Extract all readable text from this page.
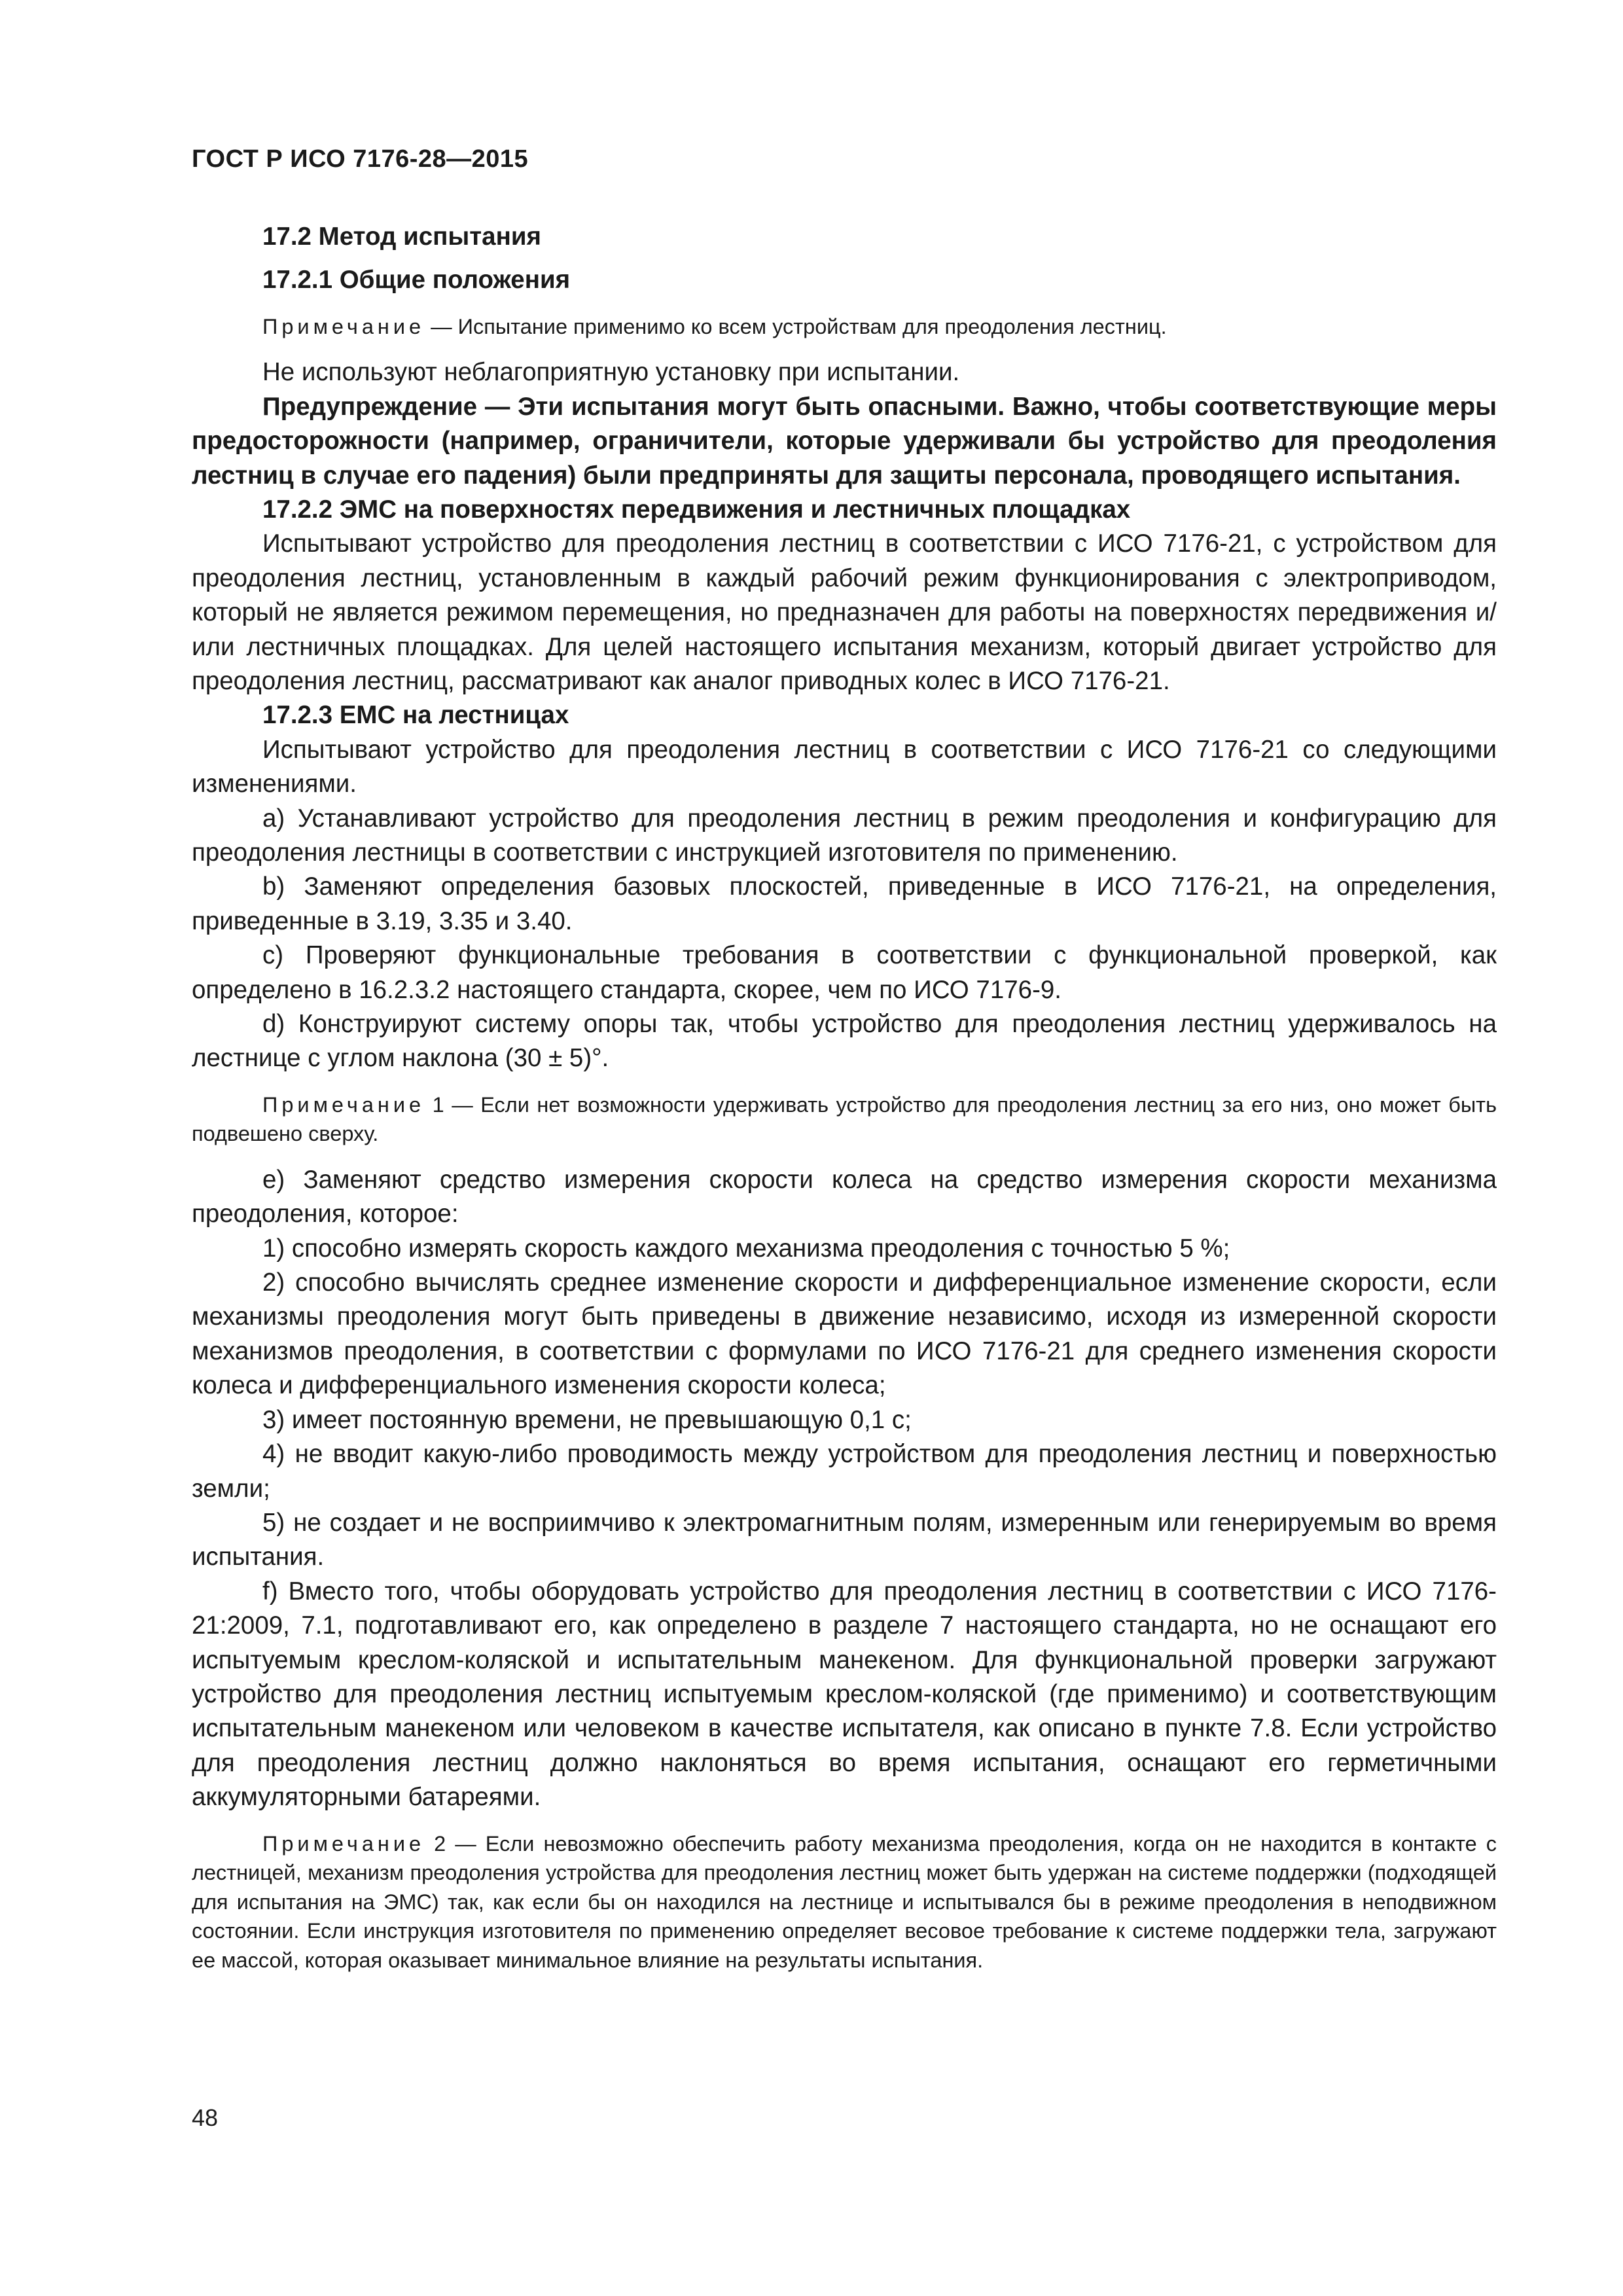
ГОСТ Р ИСО 7176-28—2015

17.2 Метод испытания

17.2.1 Общие положения

Примечание — Испытание применимо ко всем устройствам для преодоления лестниц.

Не используют неблагоприятную установку при испытании.

Предупреждение — Эти испытания могут быть опасными. Важно, чтобы соответствующие меры предосторожности (например, ограничители, которые удерживали бы устройство для преодоления лестниц в случае его падения) были предприняты для защиты персонала, проводящего испытания.

17.2.2 ЭМС на поверхностях передвижения и лестничных площадках

Испытывают устройство для преодоления лестниц в соответствии с ИСО 7176-21, с устройством для преодоления лестниц, установленным в каждый рабочий режим функционирования с электроприводом, который не является режимом перемещения, но предназначен для работы на поверхностях передвижения и/или лестничных площадках. Для целей настоящего испытания механизм, который двигает устройство для преодоления лестниц, рассматривают как аналог приводных колес в ИСО 7176-21.

17.2.3 ЕМС на лестницах

Испытывают устройство для преодоления лестниц в соответствии с ИСО 7176-21 со следующими изменениями.

а) Устанавливают устройство для преодоления лестниц в режим преодоления и конфигурацию для преодоления лестницы в соответствии с инструкцией изготовителя по применению.

b) Заменяют определения базовых плоскостей, приведенные в ИСО 7176-21, на определения, приведенные в 3.19, 3.35 и 3.40.

с) Проверяют функциональные требования в соответствии с функциональной проверкой, как определено в 16.2.3.2 настоящего стандарта, скорее, чем по ИСО 7176-9.

d) Конструируют систему опоры так, чтобы устройство для преодоления лестниц удерживалось на лестнице с углом наклона (30 ± 5)°.

Примечание 1 — Если нет возможности удерживать устройство для преодоления лестниц за его низ, оно может быть подвешено сверху.

е) Заменяют средство измерения скорости колеса на средство измерения скорости механизма преодоления, которое:

1) способно измерять скорость каждого механизма преодоления с точностью 5 %;

2) способно вычислять среднее изменение скорости и дифференциальное изменение скорости, если механизмы преодоления могут быть приведены в движение независимо, исходя из измеренной скорости механизмов преодоления, в соответствии с формулами по ИСО 7176-21 для среднего изменения скорости колеса и дифференциального изменения скорости колеса;

3) имеет постоянную времени, не превышающую 0,1 с;

4) не вводит какую-либо проводимость между устройством для преодоления лестниц и поверхностью земли;

5) не создает и не восприимчиво к электромагнитным полям, измеренным или генерируемым во время испытания.

f) Вместо того, чтобы оборудовать устройство для преодоления лестниц в соответствии с ИСО 7176-21:2009, 7.1, подготавливают его, как определено в разделе 7 настоящего стандарта, но не оснащают его испытуемым креслом-коляской и испытательным манекеном. Для функциональной проверки загружают устройство для преодоления лестниц испытуемым креслом-коляской (где применимо) и соответствующим испытательным манекеном или человеком в качестве испытателя, как описано в пункте 7.8. Если устройство для преодоления лестниц должно наклоняться во время испытания, оснащают его герметичными аккумуляторными батареями.

Примечание 2 — Если невозможно обеспечить работу механизма преодоления, когда он не находится в контакте с лестницей, механизм преодоления устройства для преодоления лестниц может быть удержан на системе поддержки (подходящей для испытания на ЭМС) так, как если бы он находился на лестнице и испытывался бы в режиме преодоления в неподвижном состоянии. Если инструкция изготовителя по применению определяет весовое требование к системе поддержки тела, загружают ее массой, которая оказывает минимальное влияние на результаты испытания.

48
